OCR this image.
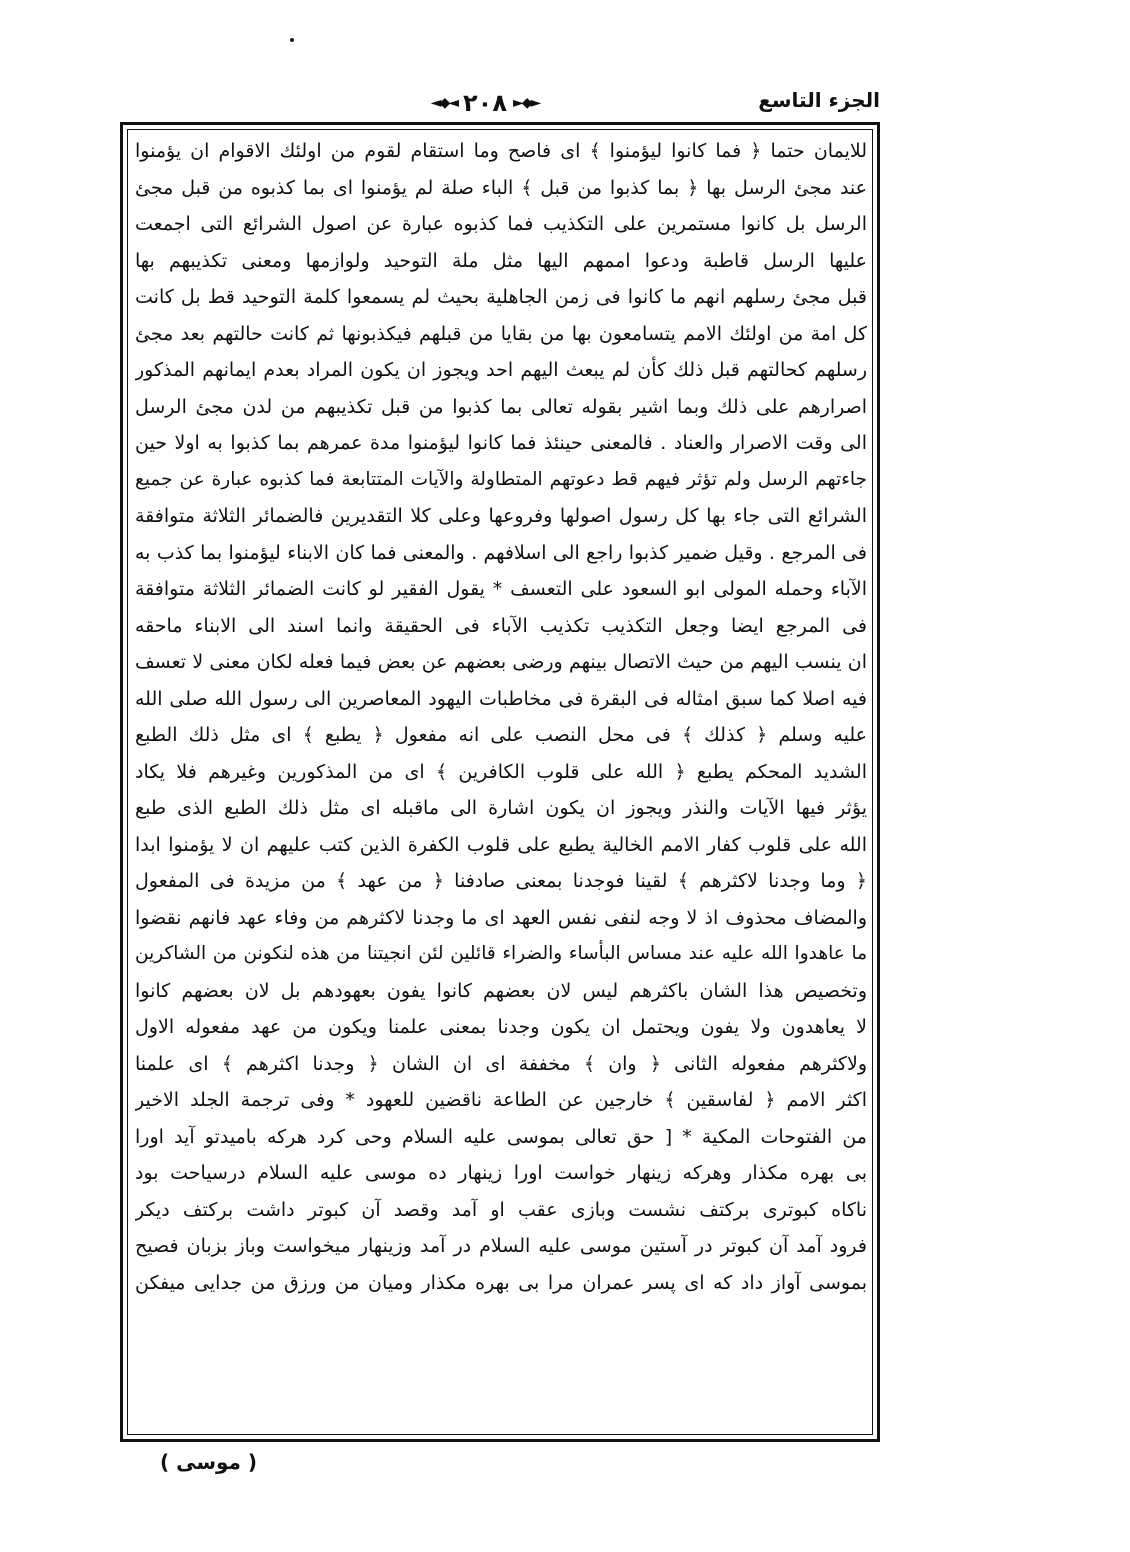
الجزء التاسع
◄◆◄ ٢٠٨ ►◆►
للايمان حتما ﴿ فما كانوا ليؤمنوا ﴾ اى فاصح وما استقام لقوم من اولئك الاقوام ان يؤمنوا
عند مجئ الرسل بها ﴿ بما كذبوا من قبل ﴾ الباء صلة لم يؤمنوا اى بما كذبوه من قبل مجئ
الرسل بل كانوا مستمرين على التكذيب فما كذبوه عبارة عن اصول الشرائع التى اجمعت
عليها الرسل قاطبة ودعوا اممهم اليها مثل ملة التوحيد ولوازمها ومعنى تكذيبهم بها
قبل مجئ رسلهم انهم ما كانوا فى زمن الجاهلية بحيث لم يسمعوا كلمة التوحيد قط بل كانت
كل امة من اولئك الامم يتسامعون بها من بقايا من قبلهم فيكذبونها ثم كانت حالتهم بعد مجئ
رسلهم كحالتهم قبل ذلك كأن لم يبعث اليهم احد ويجوز ان يكون المراد بعدم ايمانهم المذكور
اصرارهم على ذلك وبما اشير بقوله تعالى بما كذبوا من قبل تكذيبهم من لدن مجئ الرسل
الى وقت الاصرار والعناد . فالمعنى حينئذ فما كانوا ليؤمنوا مدة عمرهم بما كذبوا به اولا حين
جاءتهم الرسل ولم تؤثر فيهم قط دعوتهم المتطاولة والآيات المتتابعة فما كذبوه عبارة عن جميع
الشرائع التى جاء بها كل رسول اصولها وفروعها وعلى كلا التقديرين فالضمائر الثلاثة متوافقة
فى المرجع . وقيل ضمير كذبوا راجع الى اسلافهم . والمعنى فما كان الابناء ليؤمنوا بما كذب به
الآباء وحمله المولى ابو السعود على التعسف * يقول الفقير لو كانت الضمائر الثلاثة متوافقة
فى المرجع ايضا وجعل التكذيب تكذيب الآباء فى الحقيقة وانما اسند الى الابناء ماحقه
ان ينسب اليهم من حيث الاتصال بينهم ورضى بعضهم عن بعض فيما فعله لكان معنى لا تعسف
فيه اصلا كما سبق امثاله فى البقرة فى مخاطبات اليهود المعاصرين الى رسول الله صلى الله
عليه وسلم ﴿ كذلك ﴾ فى محل النصب على انه مفعول ﴿ يطبع ﴾ اى مثل ذلك الطبع
الشديد المحكم يطبع ﴿ الله على قلوب الكافرين ﴾ اى من المذكورين وغيرهم فلا يكاد
يؤثر فيها الآيات والنذر ويجوز ان يكون اشارة الى ماقبله اى مثل ذلك الطبع الذى طبع
الله على قلوب كفار الامم الخالية يطبع على قلوب الكفرة الذين كتب عليهم ان لا يؤمنوا ابدا
﴿ وما وجدنا لاكثرهم ﴾ لقينا فوجدنا بمعنى صادفنا ﴿ من عهد ﴾ من مزيدة فى المفعول
والمضاف محذوف اذ لا وجه لنفى نفس العهد اى ما وجدنا لاكثرهم من وفاء عهد فانهم نقضوا
ما عاهدوا الله عليه عند مساس البأساء والضراء قائلين لئن انجيتنا من هذه لنكونن من الشاكرين
وتخصيص هذا الشان باكثرهم ليس لان بعضهم كانوا يفون بعهودهم بل لان بعضهم كانوا
لا يعاهدون ولا يفون ويحتمل ان يكون وجدنا بمعنى علمنا ويكون من عهد مفعوله الاول
ولاكثرهم مفعوله الثانى ﴿ وان ﴾ مخففة اى ان الشان ﴿ وجدنا اكثرهم ﴾ اى علمنا
اكثر الامم ﴿ لفاسقين ﴾ خارجين عن الطاعة ناقضين للعهود * وفى ترجمة الجلد الاخير
من الفتوحات المكية * [ حق تعالى بموسى عليه السلام وحى كرد هركه باميدتو آيد اورا
بى بهره مكذار وهركه زينهار خواست اورا زينهار ده موسى عليه السلام درسياحت بود
ناكاه كبوترى بركتف نشست وبازى عقب او آمد وقصد آن كبوتر داشت بركتف ديكر
فرود آمد آن كبوتر در آستين موسى عليه السلام در آمد وزينهار ميخواست وباز بزبان فصيح
بموسى آواز داد كه اى پسر عمران مرا بى بهره مكذار وميان من ورزق من جدايى ميفكن
( موسى )
